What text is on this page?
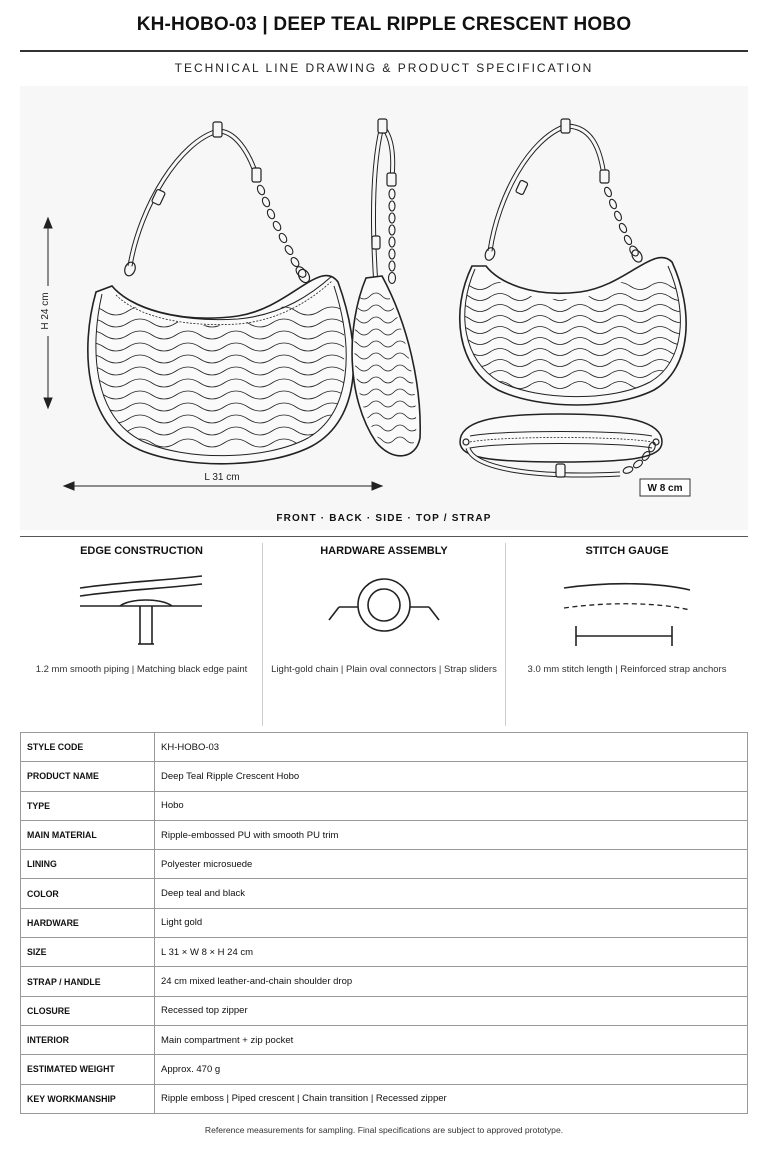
KH-HOBO-03 | DEEP TEAL RIPPLE CRESCENT HOBO
TECHNICAL LINE DRAWING & PRODUCT SPECIFICATION
H 24 cm
L 31 cm
W 8 cm
FRONT · BACK · SIDE · TOP / STRAP
EDGE CONSTRUCTION
1.2 mm smooth piping | Matching black edge paint
HARDWARE ASSEMBLY
Light-gold chain | Plain oval connectors | Strap sliders
STITCH GAUGE
3.0 mm stitch length | Reinforced strap anchors
STYLE CODE	KH-HOBO-03
PRODUCT NAME	Deep Teal Ripple Crescent Hobo
TYPE	Hobo
MAIN MATERIAL	Ripple-embossed PU with smooth PU trim
LINING	Polyester microsuede
COLOR	Deep teal and black
HARDWARE	Light gold
SIZE	L 31 × W 8 × H 24 cm
STRAP / HANDLE	24 cm mixed leather-and-chain shoulder drop
CLOSURE	Recessed top zipper
INTERIOR	Main compartment + zip pocket
ESTIMATED WEIGHT	Approx. 470 g
KEY WORKMANSHIP	Ripple emboss | Piped crescent | Chain transition | Recessed zipper
Reference measurements for sampling. Final specifications are subject to approved prototype.
